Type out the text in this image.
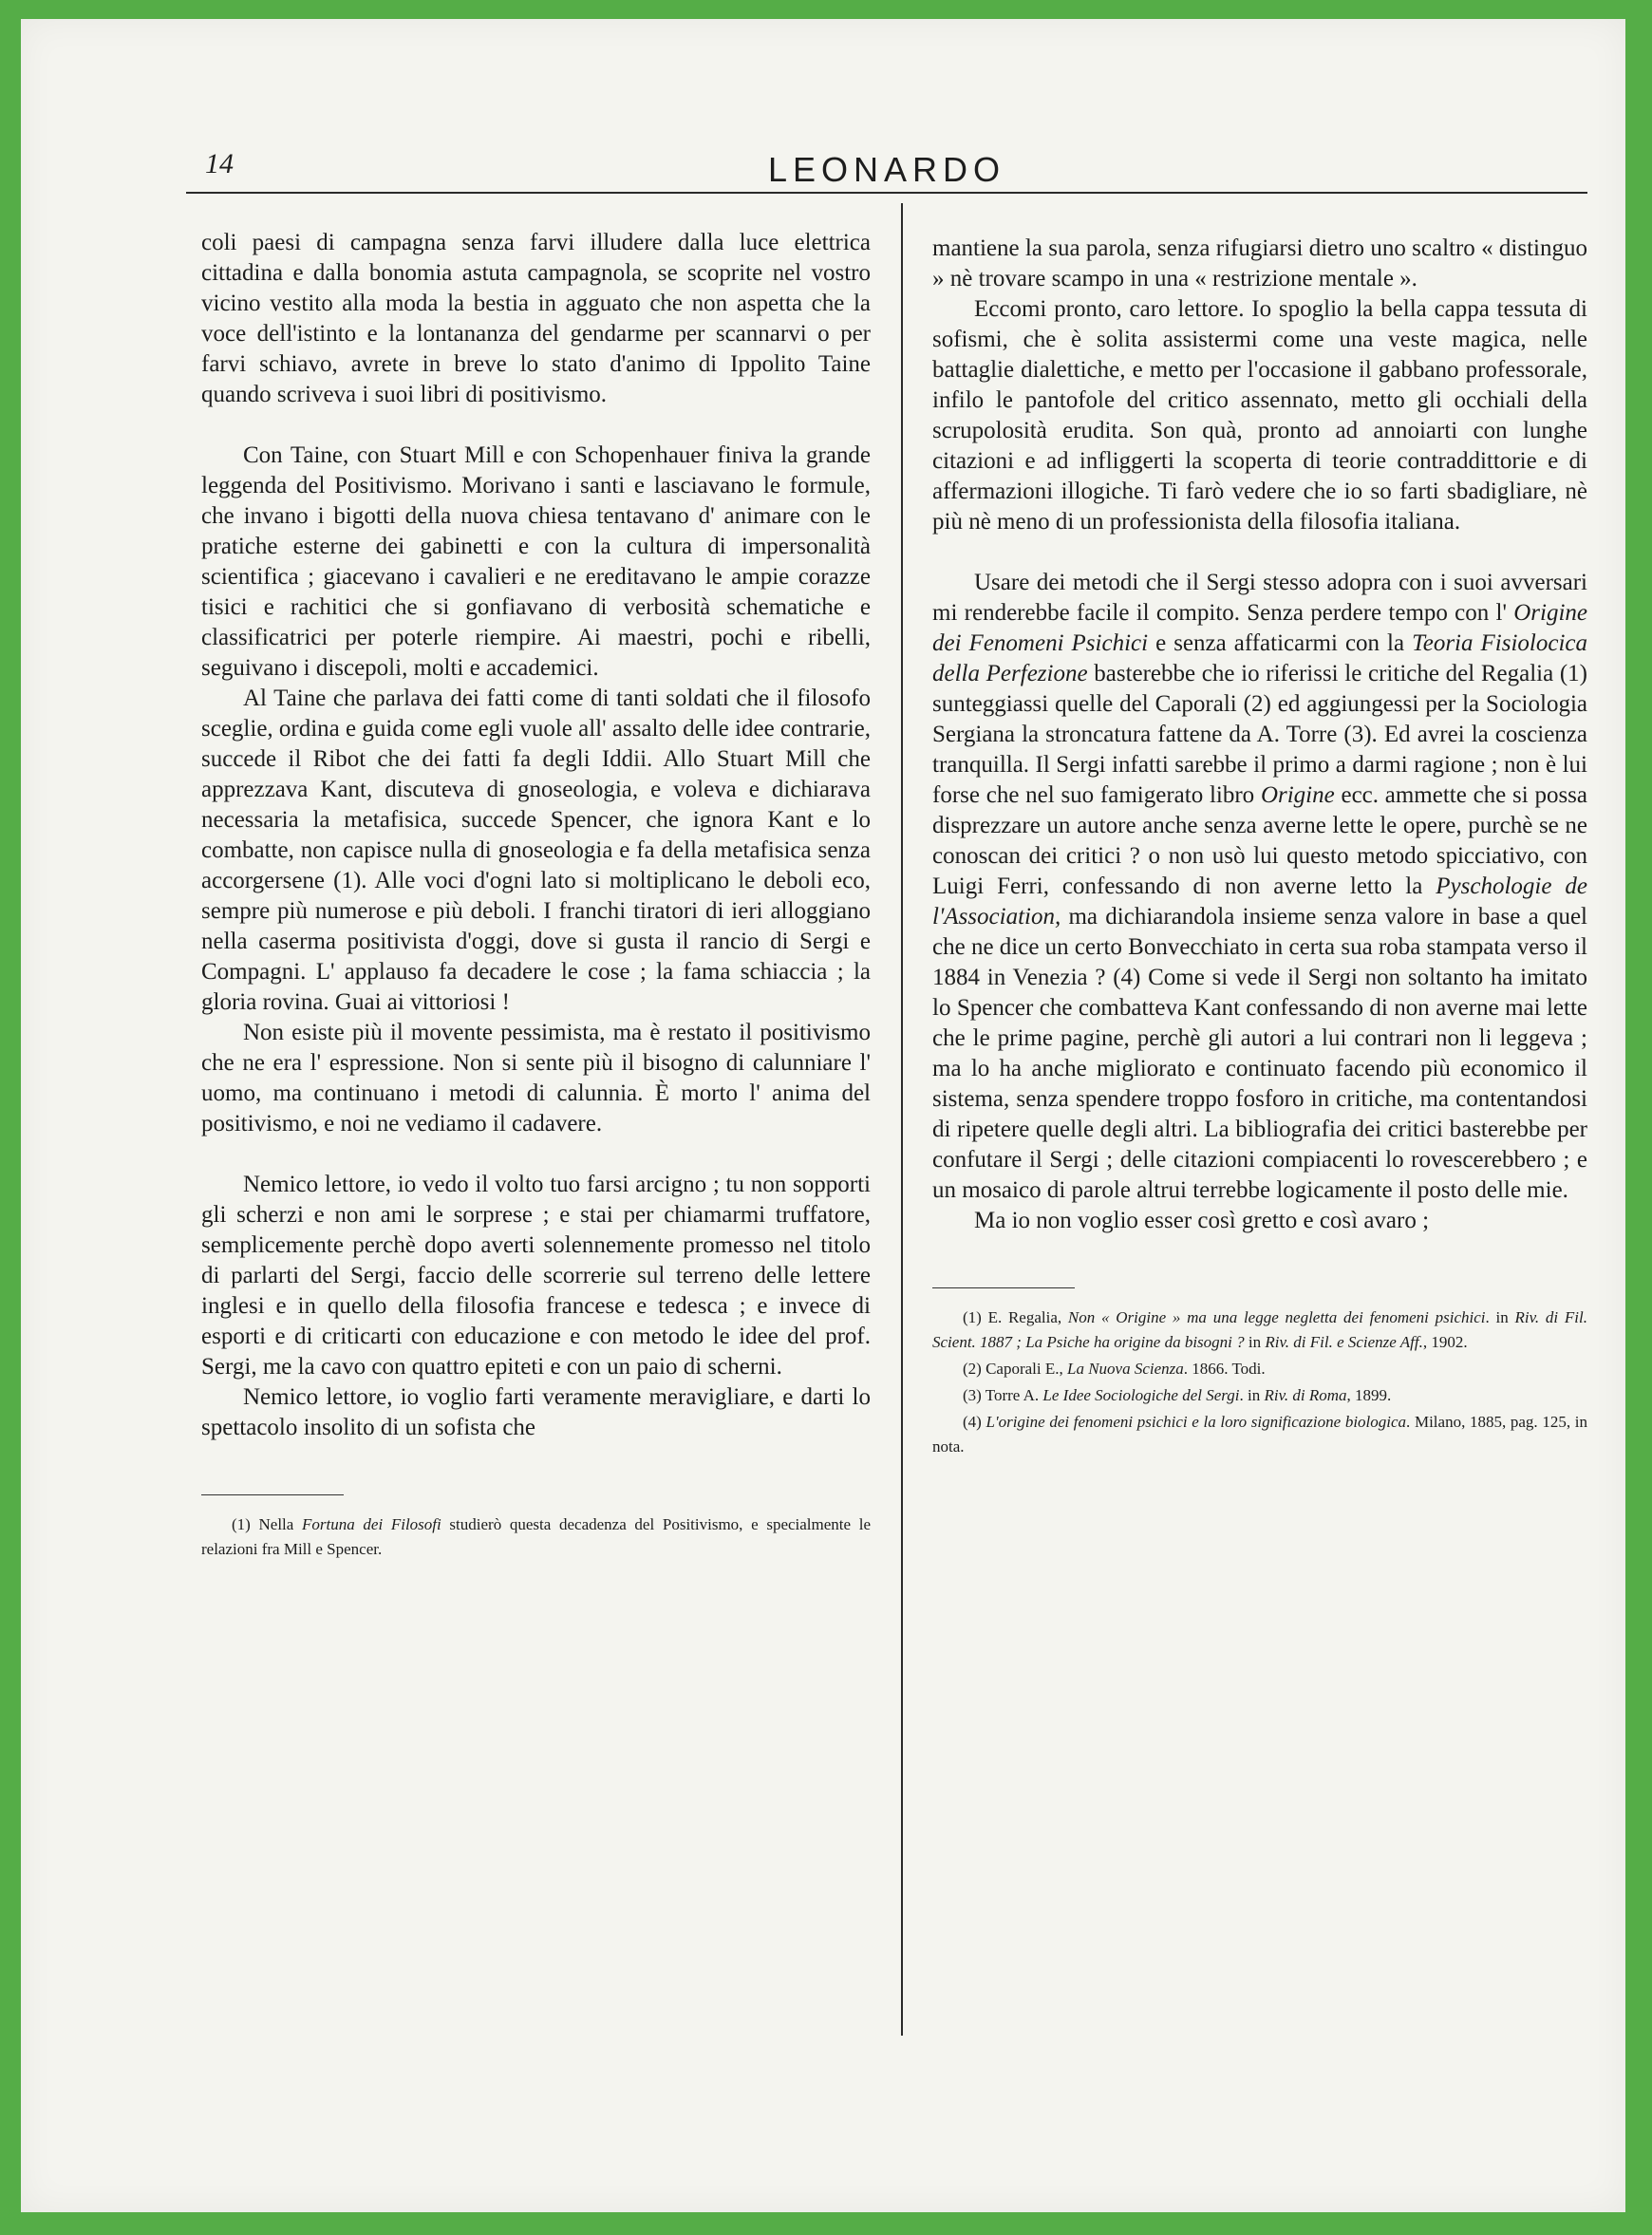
14	LEONARDO

coli paesi di campagna senza farvi illudere dalla luce elettrica cittadina e dalla bonomia astuta campagnola, se scoprite nel vostro vicino vestito alla moda la bestia in agguato che non aspetta che la voce dell'istinto e la lontananza del gendarme per scannarvi o per farvi schiavo, avrete in breve lo stato d'animo di Ippolito Taine quando scriveva i suoi libri di positivismo.

Con Taine, con Stuart Mill e con Schopenhauer finiva la grande leggenda del Positivismo. Morivano i santi e lasciavano le formule, che invano i bigotti della nuova chiesa tentavano d' animare con le pratiche esterne dei gabinetti e con la cultura di impersonalità scientifica ; giacevano i cavalieri e ne ereditavano le ampie corazze tisici e rachitici che si gonfiavano di verbosità schematiche e classificatrici per poterle riempire. Ai maestri, pochi e ribelli, seguivano i discepoli, molti e accademici.

Al Taine che parlava dei fatti come di tanti soldati che il filosofo sceglie, ordina e guida come egli vuole all' assalto delle idee contrarie, succede il Ribot che dei fatti fa degli Iddii. Allo Stuart Mill che apprezzava Kant, discuteva di gnoseologia, e voleva e dichiarava necessaria la metafisica, succede Spencer, che ignora Kant e lo combatte, non capisce nulla di gnoseologia e fa della metafisica senza accorgersene (1). Alle voci d'ogni lato si moltiplicano le deboli eco, sempre più numerose e più deboli. I franchi tiratori di ieri alloggiano nella caserma positivista d'oggi, dove si gusta il rancio di Sergi e Compagni. L' applauso fa decadere le cose ; la fama schiaccia ; la gloria rovina. Guai ai vittoriosi !

Non esiste più il movente pessimista, ma è restato il positivismo che ne era l' espressione. Non si sente più il bisogno di calunniare l' uomo, ma continuano i metodi di calunnia. È morto l' anima del positivismo, e noi ne vediamo il cadavere.

Nemico lettore, io vedo il volto tuo farsi arcigno ; tu non sopporti gli scherzi e non ami le sorprese ; e stai per chiamarmi truffatore, semplicemente perchè dopo averti solennemente promesso nel titolo di parlarti del Sergi, faccio delle scorrerie sul terreno delle lettere inglesi e in quello della filosofia francese e tedesca ; e invece di esporti e di criticarti con educazione e con metodo le idee del prof. Sergi, me la cavo con quattro epiteti e con un paio di scherni.

Nemico lettore, io voglio farti veramente meravigliare, e darti lo spettacolo insolito di un sofista che

(1) Nella Fortuna dei Filosofi studierò questa decadenza del Positivismo, e specialmente le relazioni fra Mill e Spencer.

mantiene la sua parola, senza rifugiarsi dietro uno scaltro « distinguo » nè trovare scampo in una « restrizione mentale ».

Eccomi pronto, caro lettore. Io spoglio la bella cappa tessuta di sofismi, che è solita assistermi come una veste magica, nelle battaglie dialettiche, e metto per l'occasione il gabbano professorale, infilo le pantofole del critico assennato, metto gli occhiali della scrupolosità erudita. Son quà, pronto ad annoiarti con lunghe citazioni e ad infliggerti la scoperta di teorie contraddittorie e di affermazioni illogiche. Ti farò vedere che io so farti sbadigliare, nè più nè meno di un professionista della filosofia italiana.

Usare dei metodi che il Sergi stesso adopra con i suoi avversari mi renderebbe facile il compito. Senza perdere tempo con l' Origine dei Fenomeni Psichici e senza affaticarmi con la Teoria Fisiolocica della Perfezione basterebbe che io riferissi le critiche del Regalia (1) sunteggiassi quelle del Caporali (2) ed aggiungessi per la Sociologia Sergiana la stroncatura fattene da A. Torre (3). Ed avrei la coscienza tranquilla. Il Sergi infatti sarebbe il primo a darmi ragione ; non è lui forse che nel suo famigerato libro Origine ecc. ammette che si possa disprezzare un autore anche senza averne lette le opere, purchè se ne conoscan dei critici ? o non usò lui questo metodo spicciativo, con Luigi Ferri, confessando di non averne letto la Pyschologie de l'Association, ma dichiarandola insieme senza valore in base a quel che ne dice un certo Bonvecchiato in certa sua roba stampata verso il 1884 in Venezia ? (4) Come si vede il Sergi non soltanto ha imitato lo Spencer che combatteva Kant confessando di non averne mai lette che le prime pagine, perchè gli autori a lui contrari non li leggeva ; ma lo ha anche migliorato e continuato facendo più economico il sistema, senza spendere troppo fosforo in critiche, ma contentandosi di ripetere quelle degli altri. La bibliografia dei critici basterebbe per confutare il Sergi ; delle citazioni compiacenti lo rovescerebbero ; e un mosaico di parole altrui terrebbe logicamente il posto delle mie.

Ma io non voglio esser così gretto e così avaro ;

(1) E. Regalia, Non « Origine » ma una legge negletta dei fenomeni psichici. in Riv. di Fil. Scient. 1887 ; La Psiche ha origine da bisogni ? in Riv. di Fil. e Scienze Aff., 1902.
(2) Caporali E., La Nuova Scienza. 1866. Todi.
(3) Torre A. Le Idee Sociologiche del Sergi. in Riv. di Roma, 1899.
(4) L'origine dei fenomeni psichici e la loro significazione biologica. Milano, 1885, pag. 125, in nota.
